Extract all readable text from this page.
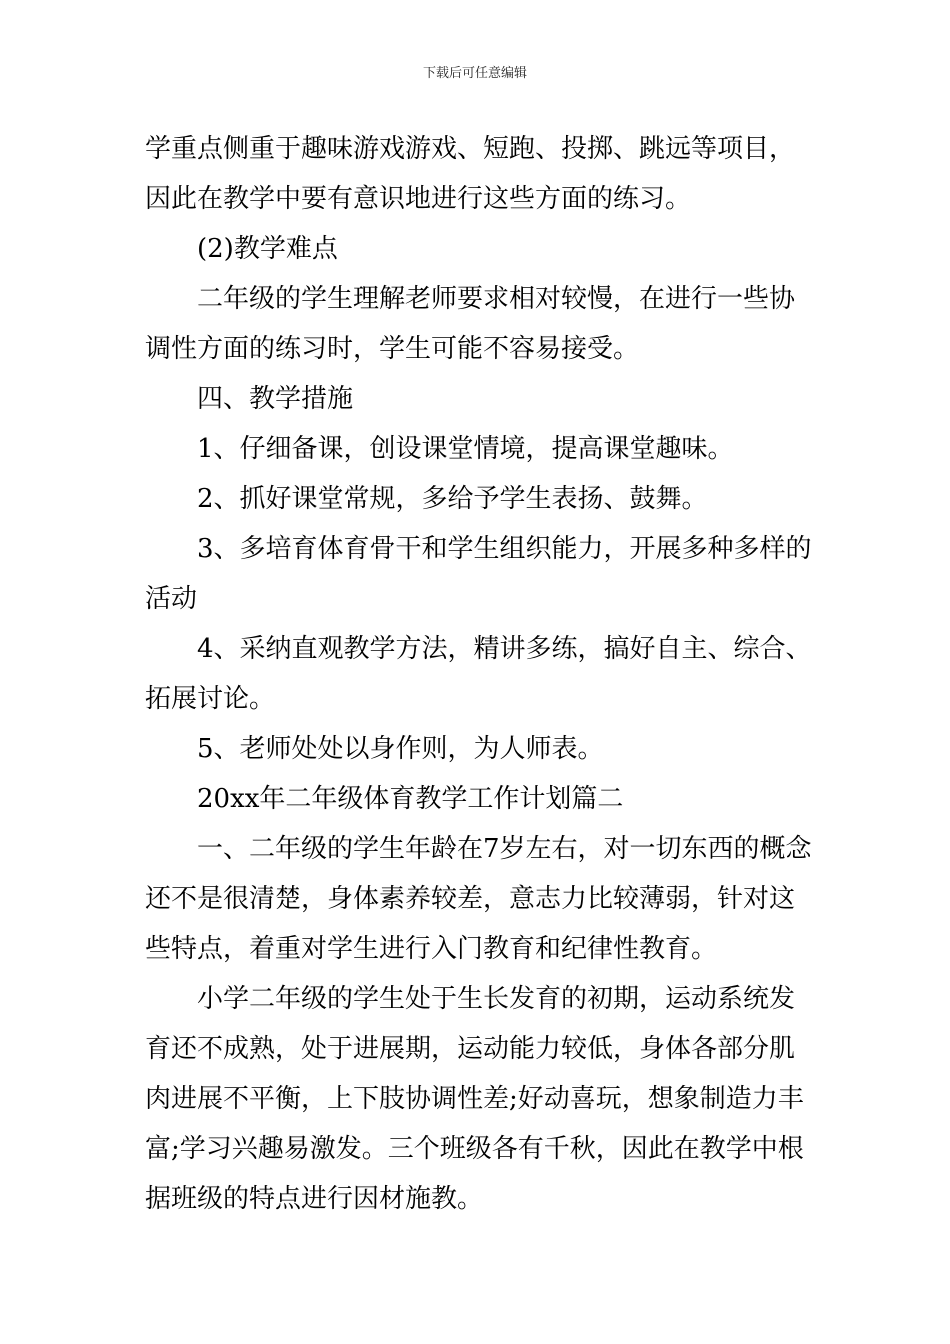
下载后可任意编辑
学重点侧重于趣味游戏游戏、短跑、投掷、跳远等项目，
因此在教学中要有意识地进行这些方面的练习。
(2)教学难点
二年级的学生理解老师要求相对较慢，在进行一些协
调性方面的练习时，学生可能不容易接受。
四、教学措施
1、仔细备课，创设课堂情境，提高课堂趣味。
2、抓好课堂常规，多给予学生表扬、鼓舞。
3、多培育体育骨干和学生组织能力，开展多种多样的
活动
4、采纳直观教学方法，精讲多练，搞好自主、综合、
拓展讨论。
5、老师处处以身作则，为人师表。
20xx年二年级体育教学工作计划篇二
一、二年级的学生年龄在7岁左右，对一切东西的概念
还不是很清楚，身体素养较差，意志力比较薄弱，针对这
些特点，着重对学生进行入门教育和纪律性教育。
小学二年级的学生处于生长发育的初期，运动系统发
育还不成熟，处于进展期，运动能力较低，身体各部分肌
肉进展不平衡，上下肢协调性差;好动喜玩，想象制造力丰
富;学习兴趣易激发。三个班级各有千秋，因此在教学中根
据班级的特点进行因材施教。
